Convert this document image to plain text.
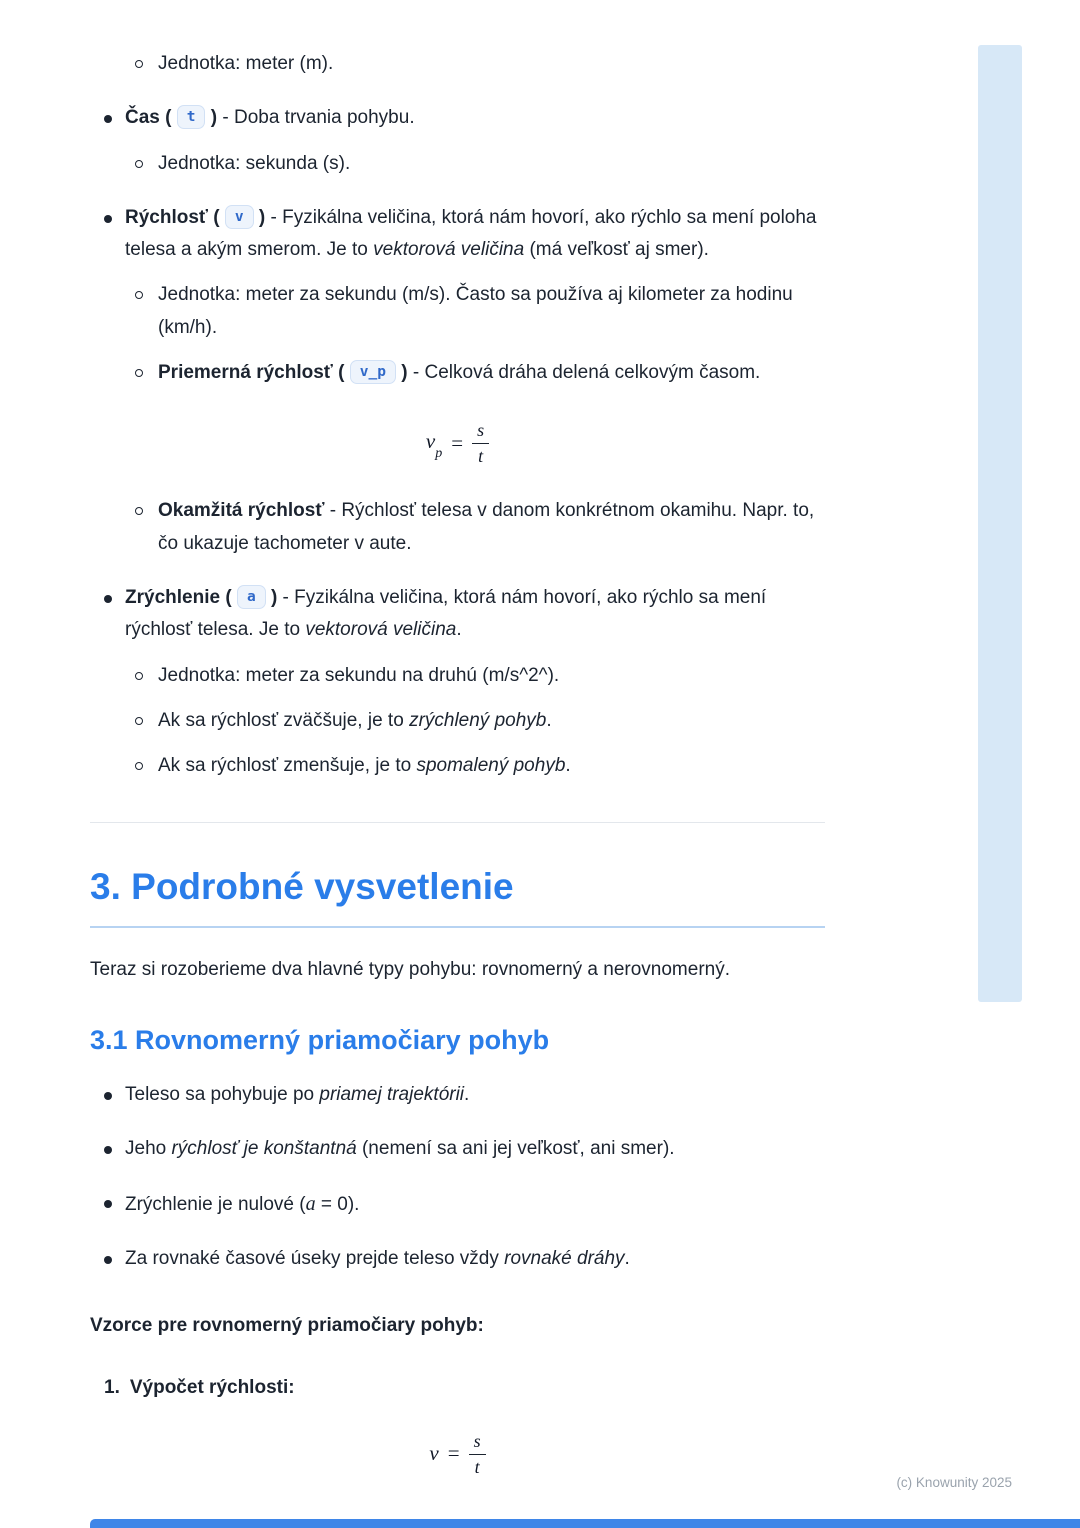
Jednotka: meter (m).
Čas ( t ) - Doba trvania pohybu.
Jednotka: sekunda (s).
Rýchlosť ( v ) - Fyzikálna veličina, ktorá nám hovorí, ako rýchlo sa mení poloha telesa a akým smerom. Je to vektorová veličina (má veľkosť aj smer).
Jednotka: meter za sekundu (m/s). Často sa používa aj kilometer za hodinu (km/h).
Priemerná rýchlosť ( v_p ) - Celková dráha delená celkovým časom.
$v_p = \frac{s}{t}$
Okamžitá rýchlosť - Rýchlosť telesa v danom konkrétnom okamihu. Napr. to, čo ukazuje tachometer v aute.
Zrýchlenie ( a ) - Fyzikálna veličina, ktorá nám hovorí, ako rýchlo sa mení rýchlosť telesa. Je to vektorová veličina.
Jednotka: meter za sekundu na druhú (m/s^2^).
Ak sa rýchlosť zväčšuje, je to zrýchlený pohyb.
Ak sa rýchlosť zmenšuje, je to spomalený pohyb.
3. Podrobné vysvetlenie

Teraz si rozoberieme dva hlavné typy pohybu: rovnomerný a nerovnomerný.

3.1 Rovnomerný priamočiary pohyb
Teleso sa pohybuje po priamej trajektórii.
Jeho rýchlosť je konštantná (nemení sa ani jej veľkosť, ani smer).
Zrýchlenie je nulové (a = 0).
Za rovnaké časové úseky prejde teleso vždy rovnaké dráhy.

Vzorce pre rovnomerný priamočiary pohyb:

1. Výpočet rýchlosti:
$v = \frac{s}{t}$
(c) Knowunity 2025
